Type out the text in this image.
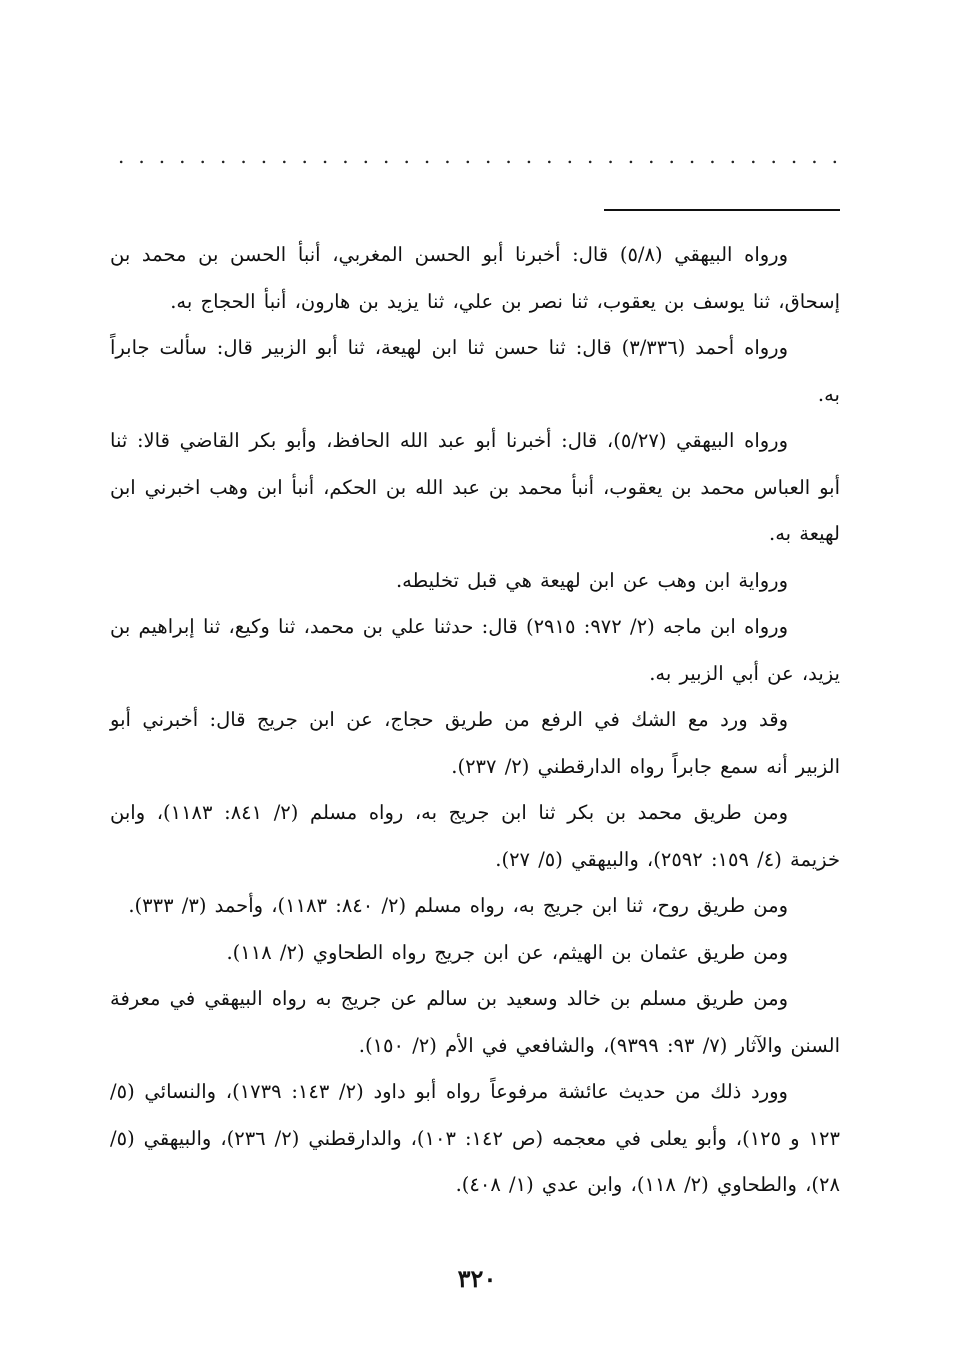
. . . . . . . . . . . . . . . . . . . . . . . . . . . . . . . . . . . .

ورواه البيهقي (٥/٨) قال: أخبرنا أبو الحسن المغربي، أنبأ الحسن بن محمد بن إسحاق، ثنا يوسف بن يعقوب، ثنا نصر بن علي، ثنا يزيد بن هارون، أنبأ الحجاج به.

ورواه أحمد (٣/٣٣٦) قال: ثنا حسن ثنا ابن لهيعة، ثنا أبو الزبير قال: سألت جابراً به.

ورواه البيهقي (٥/٢٧)، قال: أخبرنا أبو عبد الله الحافظ، وأبو بكر القاضي قالا: ثنا أبو العباس محمد بن يعقوب، أنبأ محمد بن عبد الله بن الحكم، أنبأ ابن وهب اخبرني ابن لهيعة به.

ورواية ابن وهب عن ابن لهيعة هي قبل تخليطه.

ورواه ابن ماجه (٢/ ٩٧٢: ٢٩١٥) قال: حدثنا علي بن محمد، ثنا وكيع، ثنا إبراهيم بن يزيد، عن أبي الزبير به.

وقد ورد مع الشك في الرفع من طريق حجاج، عن ابن جريج قال: أخبرني أبو الزبير أنه سمع جابراً رواه الدارقطني (٢/ ٢٣٧).

ومن طريق محمد بن بكر ثنا ابن جريج به، رواه مسلم (٢/ ٨٤١: ١١٨٣)، وابن خزيمة (٤/ ١٥٩: ٢٥٩٢)، والبيهقي (٥/ ٢٧).

ومن طريق روح، ثنا ابن جريج به، رواه مسلم (٢/ ٨٤٠: ١١٨٣)، وأحمد (٣/ ٣٣٣).

ومن طريق عثمان بن الهيثم، عن ابن جريج رواه الطحاوي (٢/ ١١٨).

ومن طريق مسلم بن خالد وسعيد بن سالم عن جريج به رواه البيهقي في معرفة السنن والآثار (٧/ ٩٣: ٩٣٩٩)، والشافعي في الأم (٢/ ١٥٠).

وورد ذلك من حديث عائشة مرفوعاً رواه أبو داود (٢/ ١٤٣: ١٧٣٩)، والنسائي (٥/ ١٢٣ و ١٢٥)، وأبو يعلى في معجمه (ص ١٤٢: ١٠٣)، والدارقطني (٢/ ٢٣٦)، والبيهقي (٥/ ٢٨)، والطحاوي (٢/ ١١٨)، وابن عدي (١/ ٤٠٨).

٣٢٠
